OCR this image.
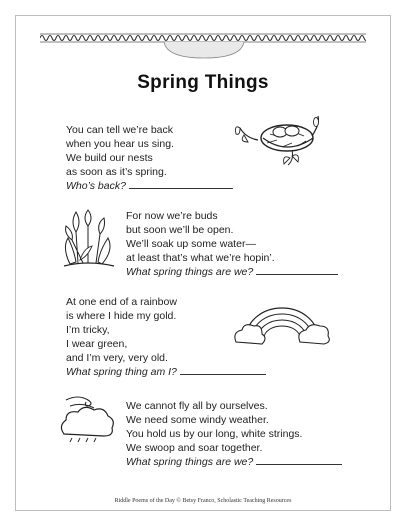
Spring Things
You can tell we’re back
when you hear us sing.
We build our nests
as soon as it’s spring.
Who’s back?
For now we’re buds
but soon we’ll be open.
We’ll soak up some water—
at least that’s what we’re hopin’.
What spring things are we?
At one end of a rainbow
is where I hide my gold.
I’m tricky,
I wear green,
and I’m very, very old.
What spring thing am I?
We cannot fly all by ourselves.
We need some windy weather.
You hold us by our long, white strings.
We swoop and soar together.
What spring things are we?
Riddle Poems of the Day © Betsy Franco, Scholastic Teaching Resources
